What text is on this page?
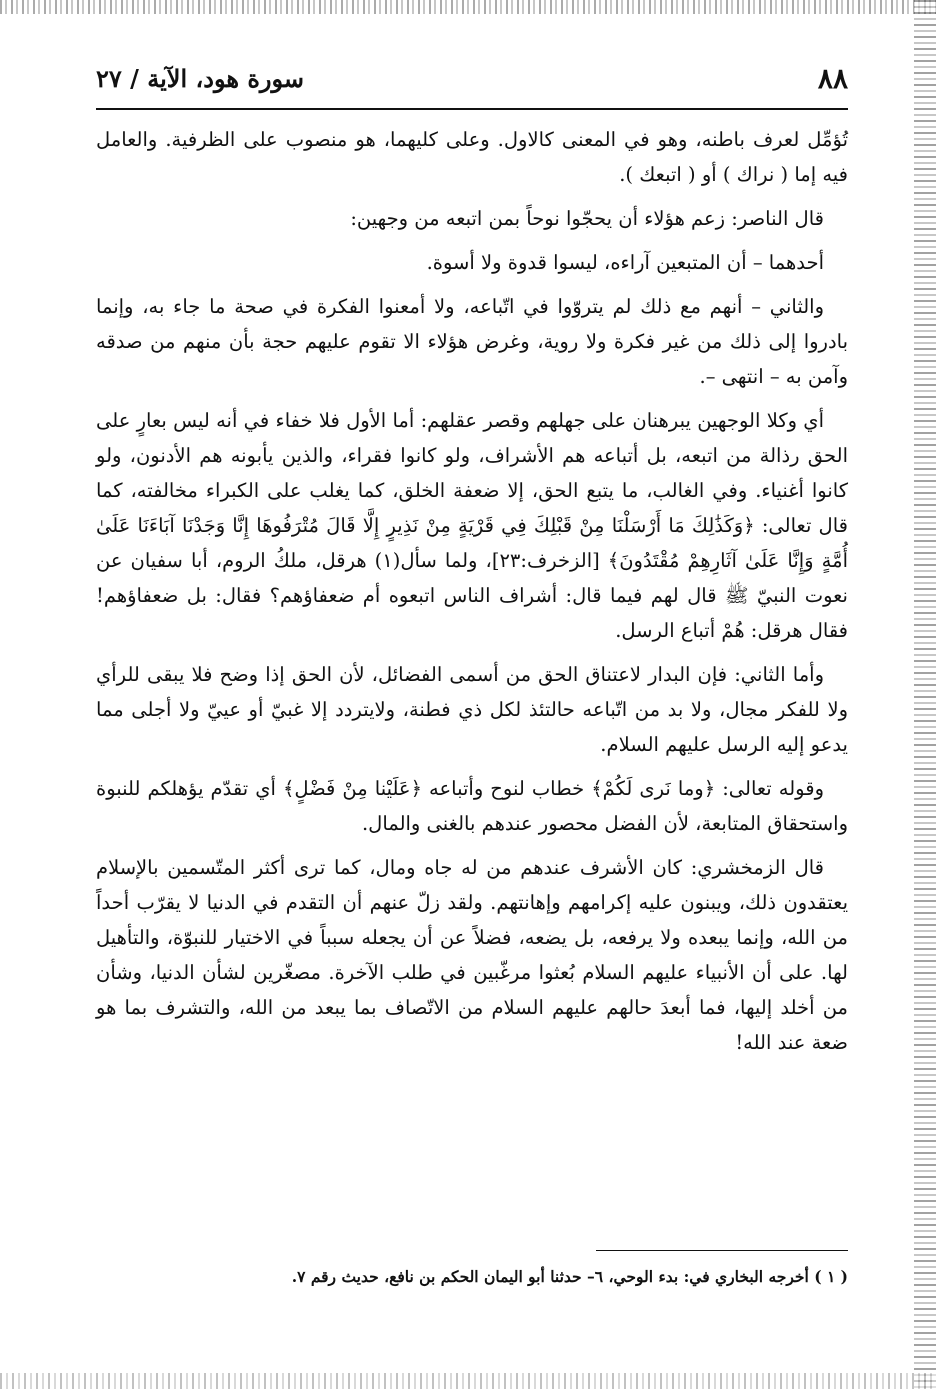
٨٨
سورة هود، الآية / ٢٧

تُؤمِّل لعرف باطنه، وهو في المعنى كالاول. وعلى كليهما، هو منصوب على الظرفية. والعامل فيه إما ( نراك ) أو ( اتبعك ).

قال الناصر: زعم هؤلاء أن يحجّوا نوحاً بمن اتبعه من وجهين:

أحدهما – أن المتبعين آراءه، ليسوا قدوة ولا أسوة.

والثاني – أنهم مع ذلك لم يتروّوا في اتّباعه، ولا أمعنوا الفكرة في صحة ما جاء به، وإنما بادروا إلى ذلك من غير فكرة ولا روية، وغرض هؤلاء الا تقوم عليهم حجة بأن منهم من صدقه وآمن به – انتهى –.

أي وكلا الوجهين يبرهنان على جهلهم وقصر عقلهم: أما الأول فلا خفاء في أنه ليس بعارٍ على الحق رذالة من اتبعه، بل أتباعه هم الأشراف، ولو كانوا فقراء، والذين يأبونه هم الأدنون، ولو كانوا أغنياء. وفي الغالب، ما يتبع الحق، إلا ضعفة الخلق، كما يغلب على الكبراء مخالفته، كما قال تعالى: ﴿وَكَذَٰلِكَ مَا أَرْسَلْنَا مِنْ قَبْلِكَ فِي قَرْيَةٍ مِنْ نَذِيرٍ إِلَّا قَالَ مُتْرَفُوهَا إِنَّا وَجَدْنَا آبَاءَنَا عَلَىٰ أُمَّةٍ وَإِنَّا عَلَىٰ آثَارِهِمْ مُقْتَدُونَ﴾ [الزخرف:٢٣]، ولما سأل(١) هرقل، ملكُ الروم، أبا سفيان عن نعوت النبيّ ﷺ قال لهم فيما قال: أشراف الناس اتبعوه أم ضعفاؤهم؟ فقال: بل ضعفاؤهم! فقال هرقل: هُمْ أتباع الرسل.

وأما الثاني: فإن البدار لاعتناق الحق من أسمى الفضائل، لأن الحق إذا وضح فلا يبقى للرأي ولا للفكر مجال، ولا بد من اتّباعه حالتئذ لكل ذي فطنة، ولايتردد إلا غبيّ أو عييّ ولا أجلى مما يدعو إليه الرسل عليهم السلام.

وقوله تعالى: ﴿وما نَرى لَكُمْ﴾ خطاب لنوح وأتباعه ﴿عَلَيْنا مِنْ فَضْلٍ﴾ أي تقدّم يؤهلكم للنبوة واستحقاق المتابعة، لأن الفضل محصور عندهم بالغنى والمال.

قال الزمخشري: كان الأشرف عندهم من له جاه ومال، كما ترى أكثر المتّسمين بالإسلام يعتقدون ذلك، ويبنون عليه إكرامهم وإهانتهم. ولقد زلّ عنهم أن التقدم في الدنيا لا يقرّب أحداً من الله، وإنما يبعده ولا يرفعه، بل يضعه، فضلاً عن أن يجعله سبباً في الاختيار للنبوّة، والتأهيل لها. على أن الأنبياء عليهم السلام بُعثوا مرغّبين في طلب الآخرة. مصغّرين لشأن الدنيا، وشأن من أخلد إليها، فما أبعدَ حالهم عليهم السلام من الاتّصاف بما يبعد من الله، والتشرف بما هو ضعة عند الله!

( ١ ) أخرجه البخاري في: بدء الوحي، ٦– حدثنا أبو اليمان الحكم بن نافع، حديث رقم ٧.
